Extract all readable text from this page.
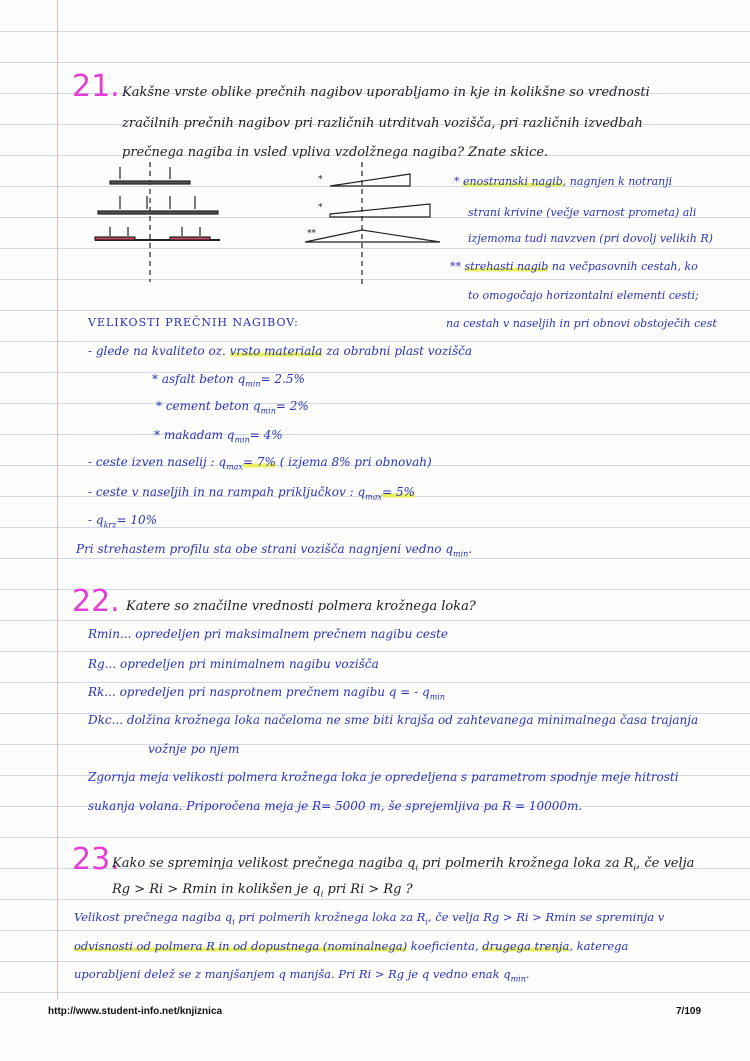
21. Kakšne vrste oblike prečnih nagibov uporabljamo in kje in kolikšne so vrednosti
zračilnih prečnih nagibov pri različnih utrditvah vozišča, pri različnih izvedbah
prečnega nagiba in vsled vpliva vzdolžnega nagiba? Znate skice.
*
*
**
* enostranski nagib, nagnjen k notranji
strani krivine (večje varnost prometa) ali
izjemoma tudi navzven (pri dovolj velikih R)
** strehasti nagib na večpasovnih cestah, ko
to omogočajo horizontalni elementi cesti;
na cestah v naseljih in pri obnovi obstoječih cest
VELIKOSTI PREČNIH NAGIBOV:
- glede na kvaliteto oz. vrsto materiala za obrabni plast vozišča
* asfalt beton $q_{min}= 2.5\%$
* cement beton $q_{min}= 2\%$
* makadam $q_{min}= 4\%$
- ceste izven naselij : $q_{max}= 7\%$ ( izjema 8% pri obnovah)
- ceste v naseljih in na rampah priključkov : $q_{max}= 5\%$
- $q_{krz}= 10\%$
Pri strehastem profilu sta obe strani vozišča nagnjeni vedno $q_{min}$.
22. Katere so značilne vrednosti polmera krožnega loka?
Rmin... opredeljen pri maksimalnem prečnem nagibu ceste
Rg... opredeljen pri minimalnem nagibu vozišča
Rk... opredeljen pri nasprotnem prečnem nagibu q = - $q_{min}$
Dkc... dolžina krožnega loka načeloma ne sme biti krajša od zahtevanega minimalnega časa trajanja
vožnje po njem
Zgornja meja velikosti polmera krožnega loka je opredeljena s parametrom spodnje meje hitrosti
sukanja volana. Priporočena meja je R= 5000 m, še sprejemljiva pa R = 10000m.
23.
Kako se spreminja velikost prečnega nagiba $q_i$ pri polmerih krožnega loka za $R_i$, če velja
Rg > Ri > Rmin in kolikšen je $q_i$ pri Ri > Rg ?
Velikost prečnega nagiba $q_i$ pri polmerih krožnega loka za $R_i$, če velja Rg > Ri > Rmin se spreminja v
odvisnosti od polmera R in od dopustnega (nominalnega) koeficienta, drugega trenja, katerega
uporabljeni delež se z manjšanjem q manjša. Pri Ri > Rg je q vedno enak $q_{min}$.
http://www.student-info.net/knjiznica	7/109
